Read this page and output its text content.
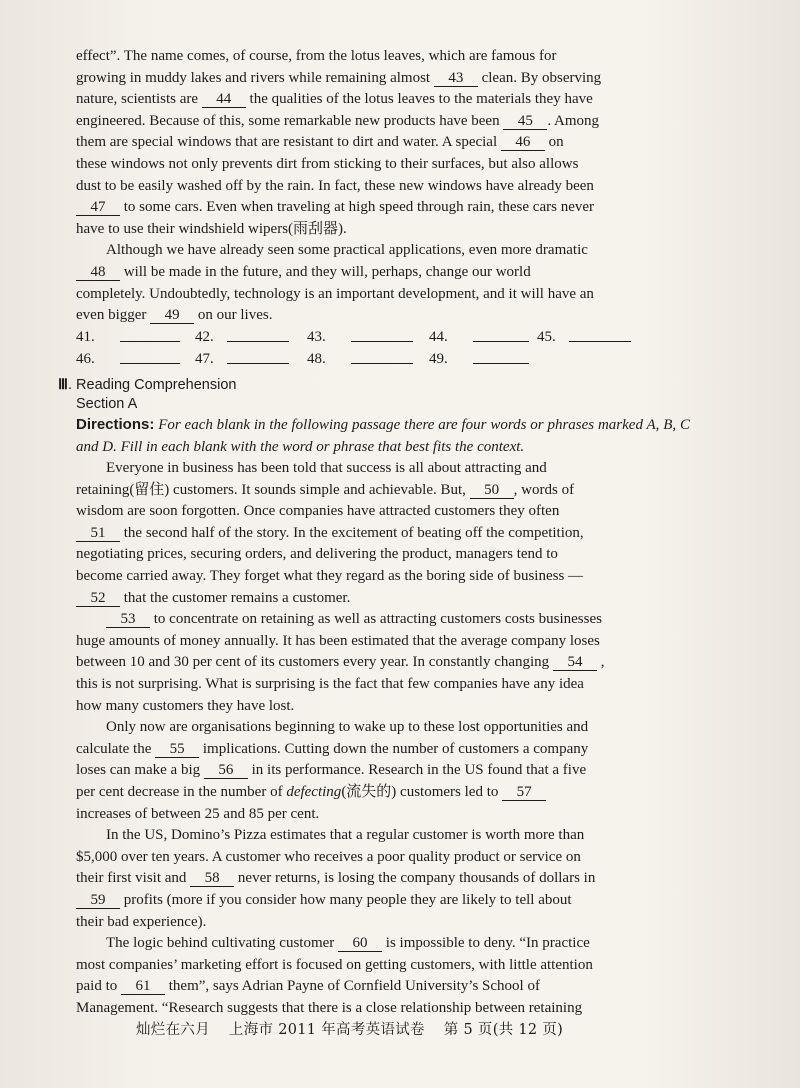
effect”. The name comes, of course, from the lotus leaves, which are famous for

growing in muddy lakes and rivers while remaining almost 43 clean. By observing

nature, scientists are 44 the qualities of the lotus leaves to the materials they have

engineered. Because of this, some remarkable new products have been 45 . Among

them are special windows that are resistant to dirt and water. A special 46 on

these windows not only prevents dirt from sticking to their surfaces, but also allows

dust to be easily washed off by the rain. In fact, these new windows have already been

47 to some cars. Even when traveling at high speed through rain, these cars never

have to use their windshield wipers(雨刮器).

Although we have already seen some practical applications, even more dramatic

48 will be made in the future, and they will, perhaps, change our world

completely. Undoubtedly, technology is an important development, and it will have an

even bigger 49 on our lives.

41.	42.	43.	44.	45.

46.	47.	48.	49.

Ⅲ. Reading Comprehension

Section A

Directions: For each blank in the following passage there are four words or phrases marked A, B, C and D. Fill in each blank with the word or phrase that best fits the context.

Everyone in business has been told that success is all about attracting and

retaining(留住) customers. It sounds simple and achievable. But, 50 , words of

wisdom are soon forgotten. Once companies have attracted customers they often

51 the second half of the story. In the excitement of beating off the competition,

negotiating prices, securing orders, and delivering the product, managers tend to

become carried away. They forget what they regard as the boring side of business —

52 that the customer remains a customer.

53 to concentrate on retaining as well as attracting customers costs businesses

huge amounts of money annually. It has been estimated that the average company loses

between 10 and 30 per cent of its customers every year. In constantly changing 54 ,

this is not surprising. What is surprising is the fact that few companies have any idea

how many customers they have lost.

Only now are organisations beginning to wake up to these lost opportunities and

calculate the 55 implications. Cutting down the number of customers a company

loses can make a big 56 in its performance. Research in the US found that a five

per cent decrease in the number of defecting(流失的) customers led to 57

increases of between 25 and 85 per cent.

In the US, Domino’s Pizza estimates that a regular customer is worth more than

$5,000 over ten years. A customer who receives a poor quality product or service on

their first visit and 58 never returns, is losing the company thousands of dollars in

59 profits (more if you consider how many people they are likely to tell about

their bad experience).

The logic behind cultivating customer 60 is impossible to deny. “In practice

most companies’ marketing effort is focused on getting customers, with little attention

paid to 61 them”, says Adrian Payne of Cornfield University’s School of

Management. “Research suggests that there is a close relationship between retaining

灿烂在六月 上海市 2011 年高考英语试卷 第 5 页(共 12 页)
